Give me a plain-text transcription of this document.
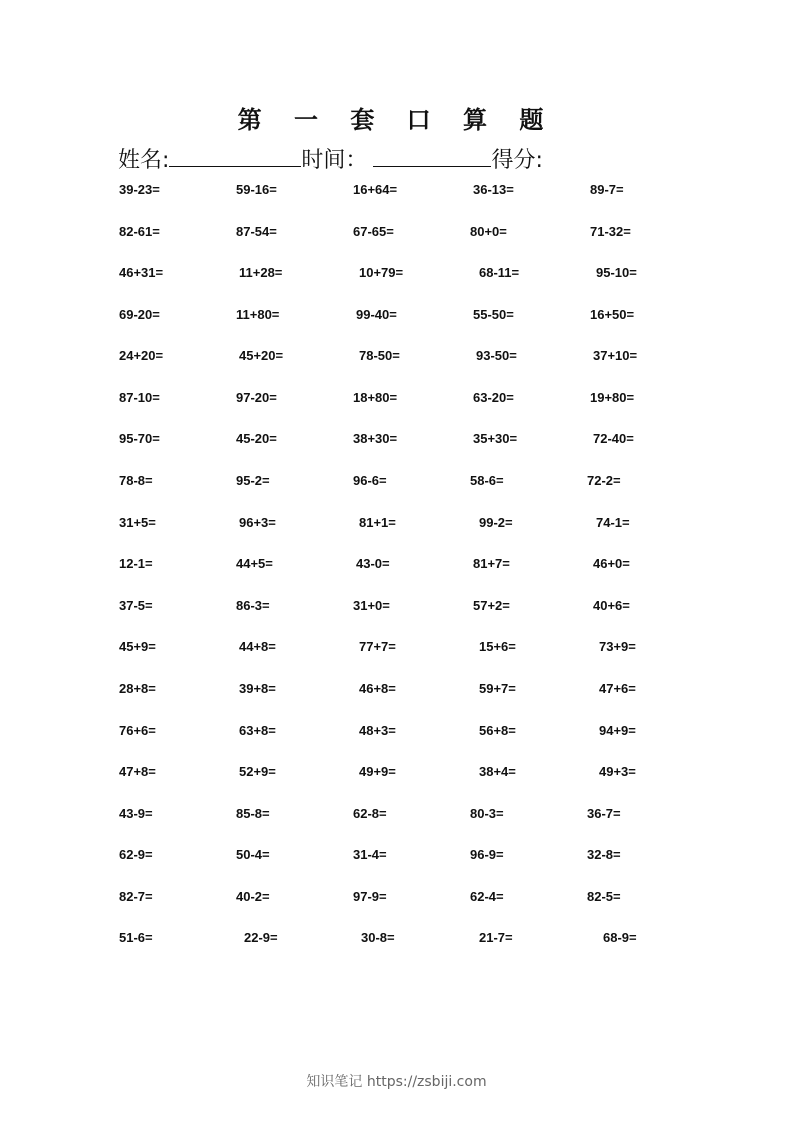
第 一 套 口 算 题
姓名:	时间：	得分:
39-23=	59-16=	16+64=	36-13=	89-7=
82-61=	87-54=	67-65=	80+0=	71-32=
46+31=	11+28=	10+79=	68-11=	95-10=
69-20=	11+80=	99-40=	55-50=	16+50=
24+20=	45+20=	78-50=	93-50=	37+10=
87-10=	97-20=	18+80=	63-20=	19+80=
95-70=	45-20=	38+30=	35+30=	72-40=
78-8=	95-2=	96-6=	58-6=	72-2=
31+5=	96+3=	81+1=	99-2=	74-1=
12-1=	44+5=	43-0=	81+7=	46+0=
37-5=	86-3=	31+0=	57+2=	40+6=
45+9=	44+8=	77+7=	15+6=	73+9=
28+8=	39+8=	46+8=	59+7=	47+6=
76+6=	63+8=	48+3=	56+8=	94+9=
47+8=	52+9=	49+9=	38+4=	49+3=
43-9=	85-8=	62-8=	80-3=	36-7=
62-9=	50-4=	31-4=	96-9=	32-8=
82-7=	40-2=	97-9=	62-4=	82-5=
51-6=	22-9=	30-8=	21-7=	68-9=
知识笔记 https://zsbiji.com
